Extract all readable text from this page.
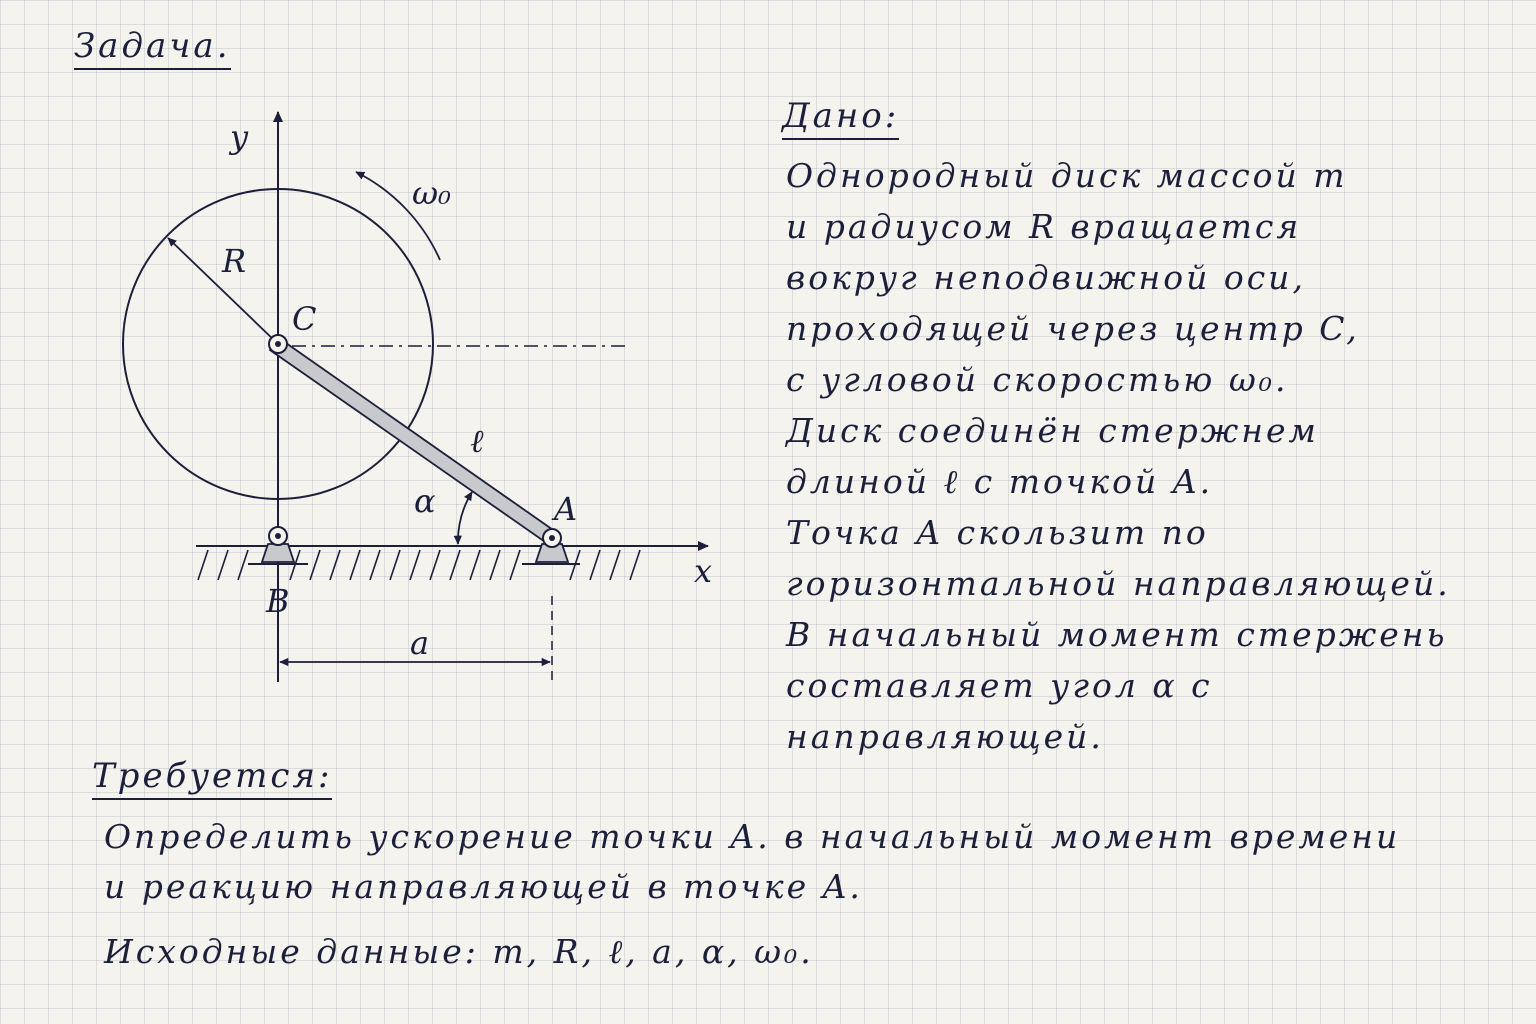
Задача.
R
ω₀
ℓ
C
B
A
α
y
x
a
Дано:
Однородный диск массой m
и радиусом R вращается
вокруг неподвижной оси,
проходящей через центр C,
с угловой скоростью ω₀.
Диск соединён стержнем
длиной ℓ с точкой A.
Точка A скользит по
горизонтальной направляющей.
В начальный момент стержень
составляет угол α с
направляющей.
Требуется:
Определить ускорение точки A. в начальный момент времени
и реакцию направляющей в точке A.
Исходные данные: m, R, ℓ, a, α, ω₀.
